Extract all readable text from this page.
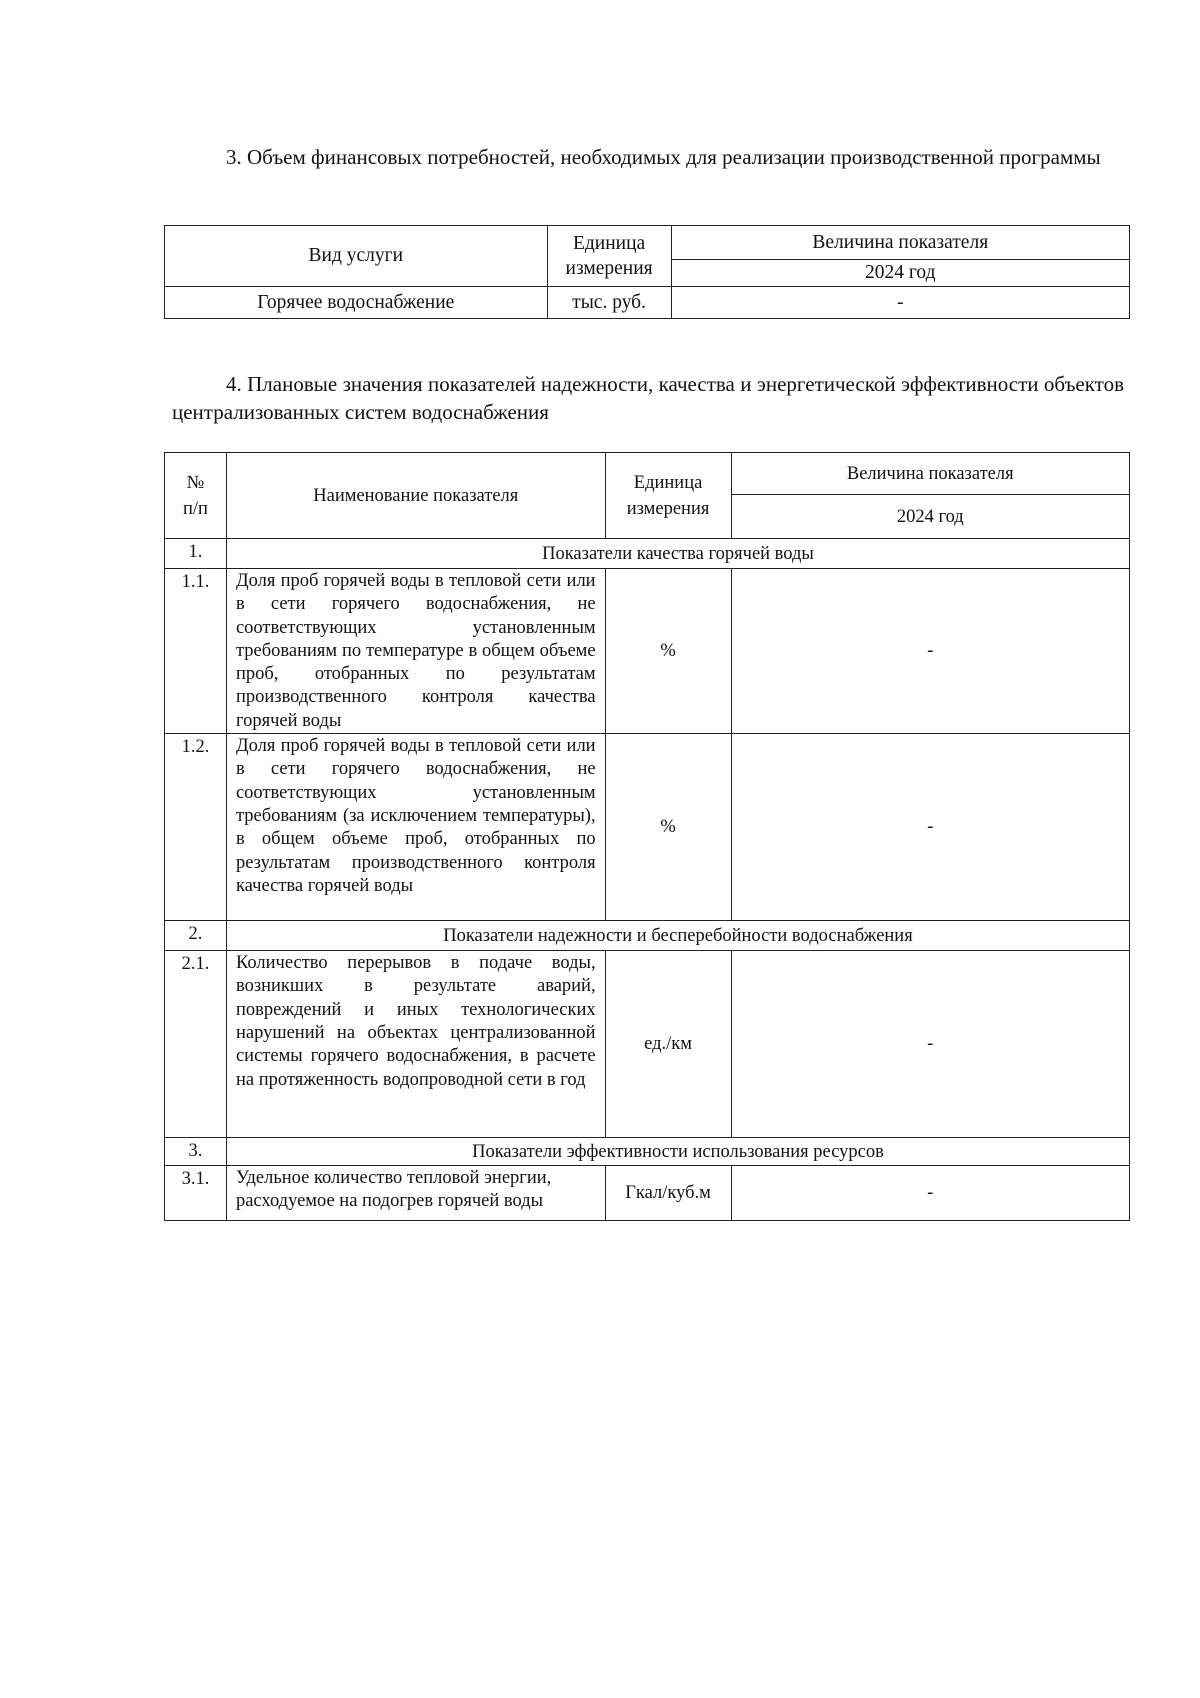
3. Объем финансовых потребностей, необходимых для реализации производственной программы
Вид услуги	Единица измерения	Величина показателя
		2024 год
Горячее водоснабжение	тыс. руб.	-
4. Плановые значения показателей надежности, качества и энергетической эффективности объектов централизованных систем водоснабжения
№ п/п	Наименование показателя	Единица измерения	Величина показателя
			2024 год
1.	Показатели качества горячей воды		
1.1.	Доля проб горячей воды в тепловой сети или в сети горячего водоснабжения, не соответствующих установленным требованиям по температуре в общем объеме проб, отобранных по результатам производственного контроля качества горячей воды	%	-
1.2.	Доля проб горячей воды в тепловой сети или в сети горячего водоснабжения, не соответствующих установленным требованиям (за исключением температуры), в общем объеме проб, отобранных по результатам производственного контроля качества горячей воды	%	-
2.	Показатели надежности и бесперебойности водоснабжения		
2.1.	Количество перерывов в подаче воды, возникших в результате аварий, повреждений и иных технологических нарушений на объектах централизованной системы горячего водоснабжения, в расчете на протяженность водопроводной сети в год	ед./км	-
3.	Показатели эффективности использования ресурсов		
3.1.	Удельное количество тепловой энергии, расходуемое на подогрев горячей воды	Гкал/куб.м	-
